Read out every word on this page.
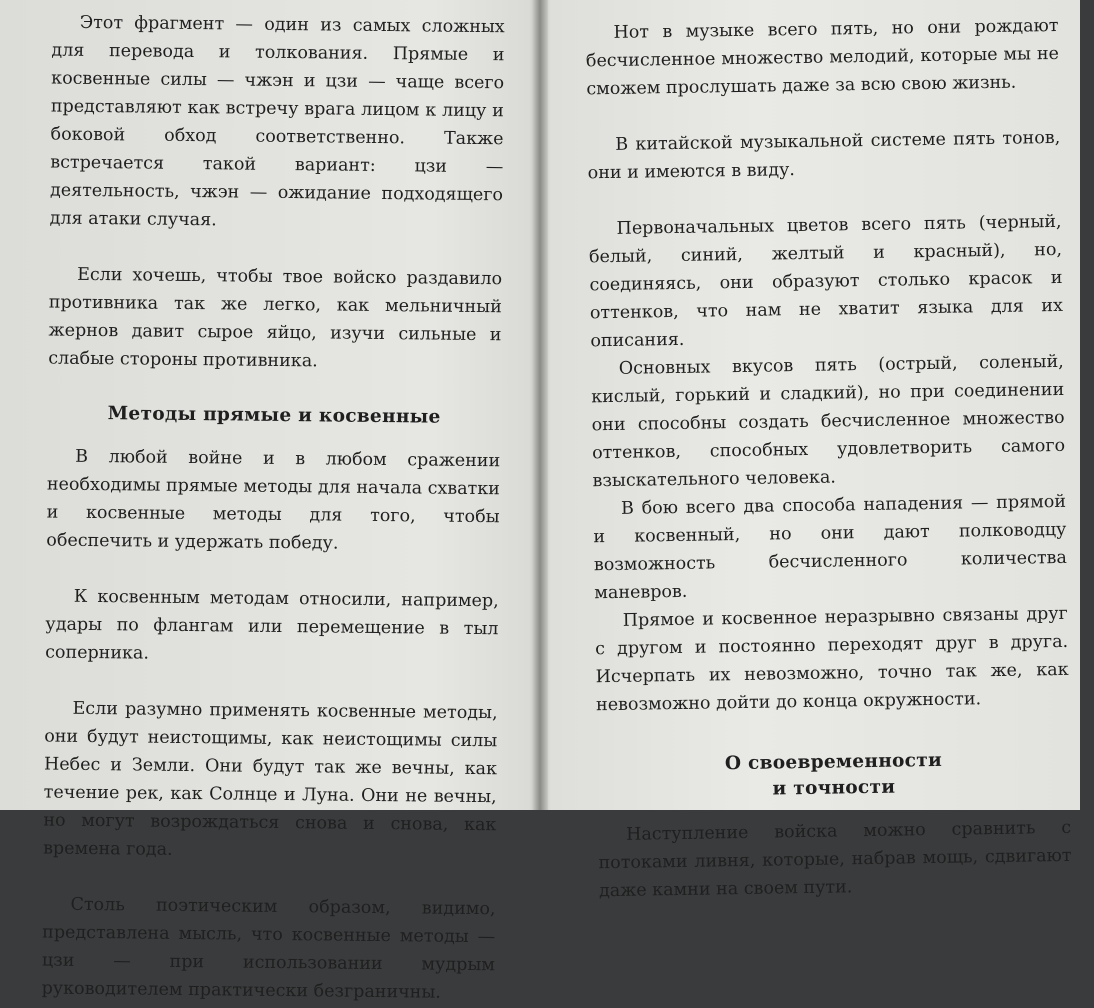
Этот фрагмент — один из самых сложных для перевода и толкования. Прямые и косвенные силы — чжэн и цзи — чаще всего представляют как встречу врага лицом к лицу и боковой обход соответственно. Также встречается такой вариант: цзи — деятельность, чжэн — ожидание подходящего для атаки случая.

Если хочешь, чтобы твое войско раздавило противника так же легко, как мельничный жернов давит сырое яйцо, изучи сильные и слабые стороны противника.

Методы прямые и косвенные

В любой войне и в любом сражении необходимы прямые методы для начала схватки и косвенные методы для того, чтобы обеспечить и удержать победу.

К косвенным методам относили, например, удары по флангам или перемещение в тыл соперника.

Если разумно применять косвенные методы, они будут неистощимы, как неистощимы силы Небес и Земли. Они будут так же вечны, как течение рек, как Солнце и Луна. Они не вечны, но могут возрождаться снова и снова, как времена года.

Столь поэтическим образом, видимо, представлена мысль, что косвенные методы — цзи — при использовании мудрым руководителем практически безграничны.

Нот в музыке всего пять, но они рождают бесчисленное множество мелодий, которые мы не сможем прослушать даже за всю свою жизнь.

В китайской музыкальной системе пять тонов, они и имеются в виду.

Первоначальных цветов всего пять (черный, белый, синий, желтый и красный), но, соединяясь, они образуют столько красок и оттенков, что нам не хватит языка для их описания.

Основных вкусов пять (острый, соленый, кислый, горький и сладкий), но при соединении они способны создать бесчисленное множество оттенков, способных удовлетворить самого взыскательного человека.

В бою всего два способа нападения — прямой и косвенный, но они дают полководцу возможность бесчисленного количества маневров.

Прямое и косвенное неразрывно связаны друг с другом и постоянно переходят друг в друга. Исчерпать их невозможно, точно так же, как невозможно дойти до конца окружности.

О своевременности
и точности

Наступление войска можно сравнить с потоками ливня, которые, набрав мощь, сдвигают даже камни на своем пути.
